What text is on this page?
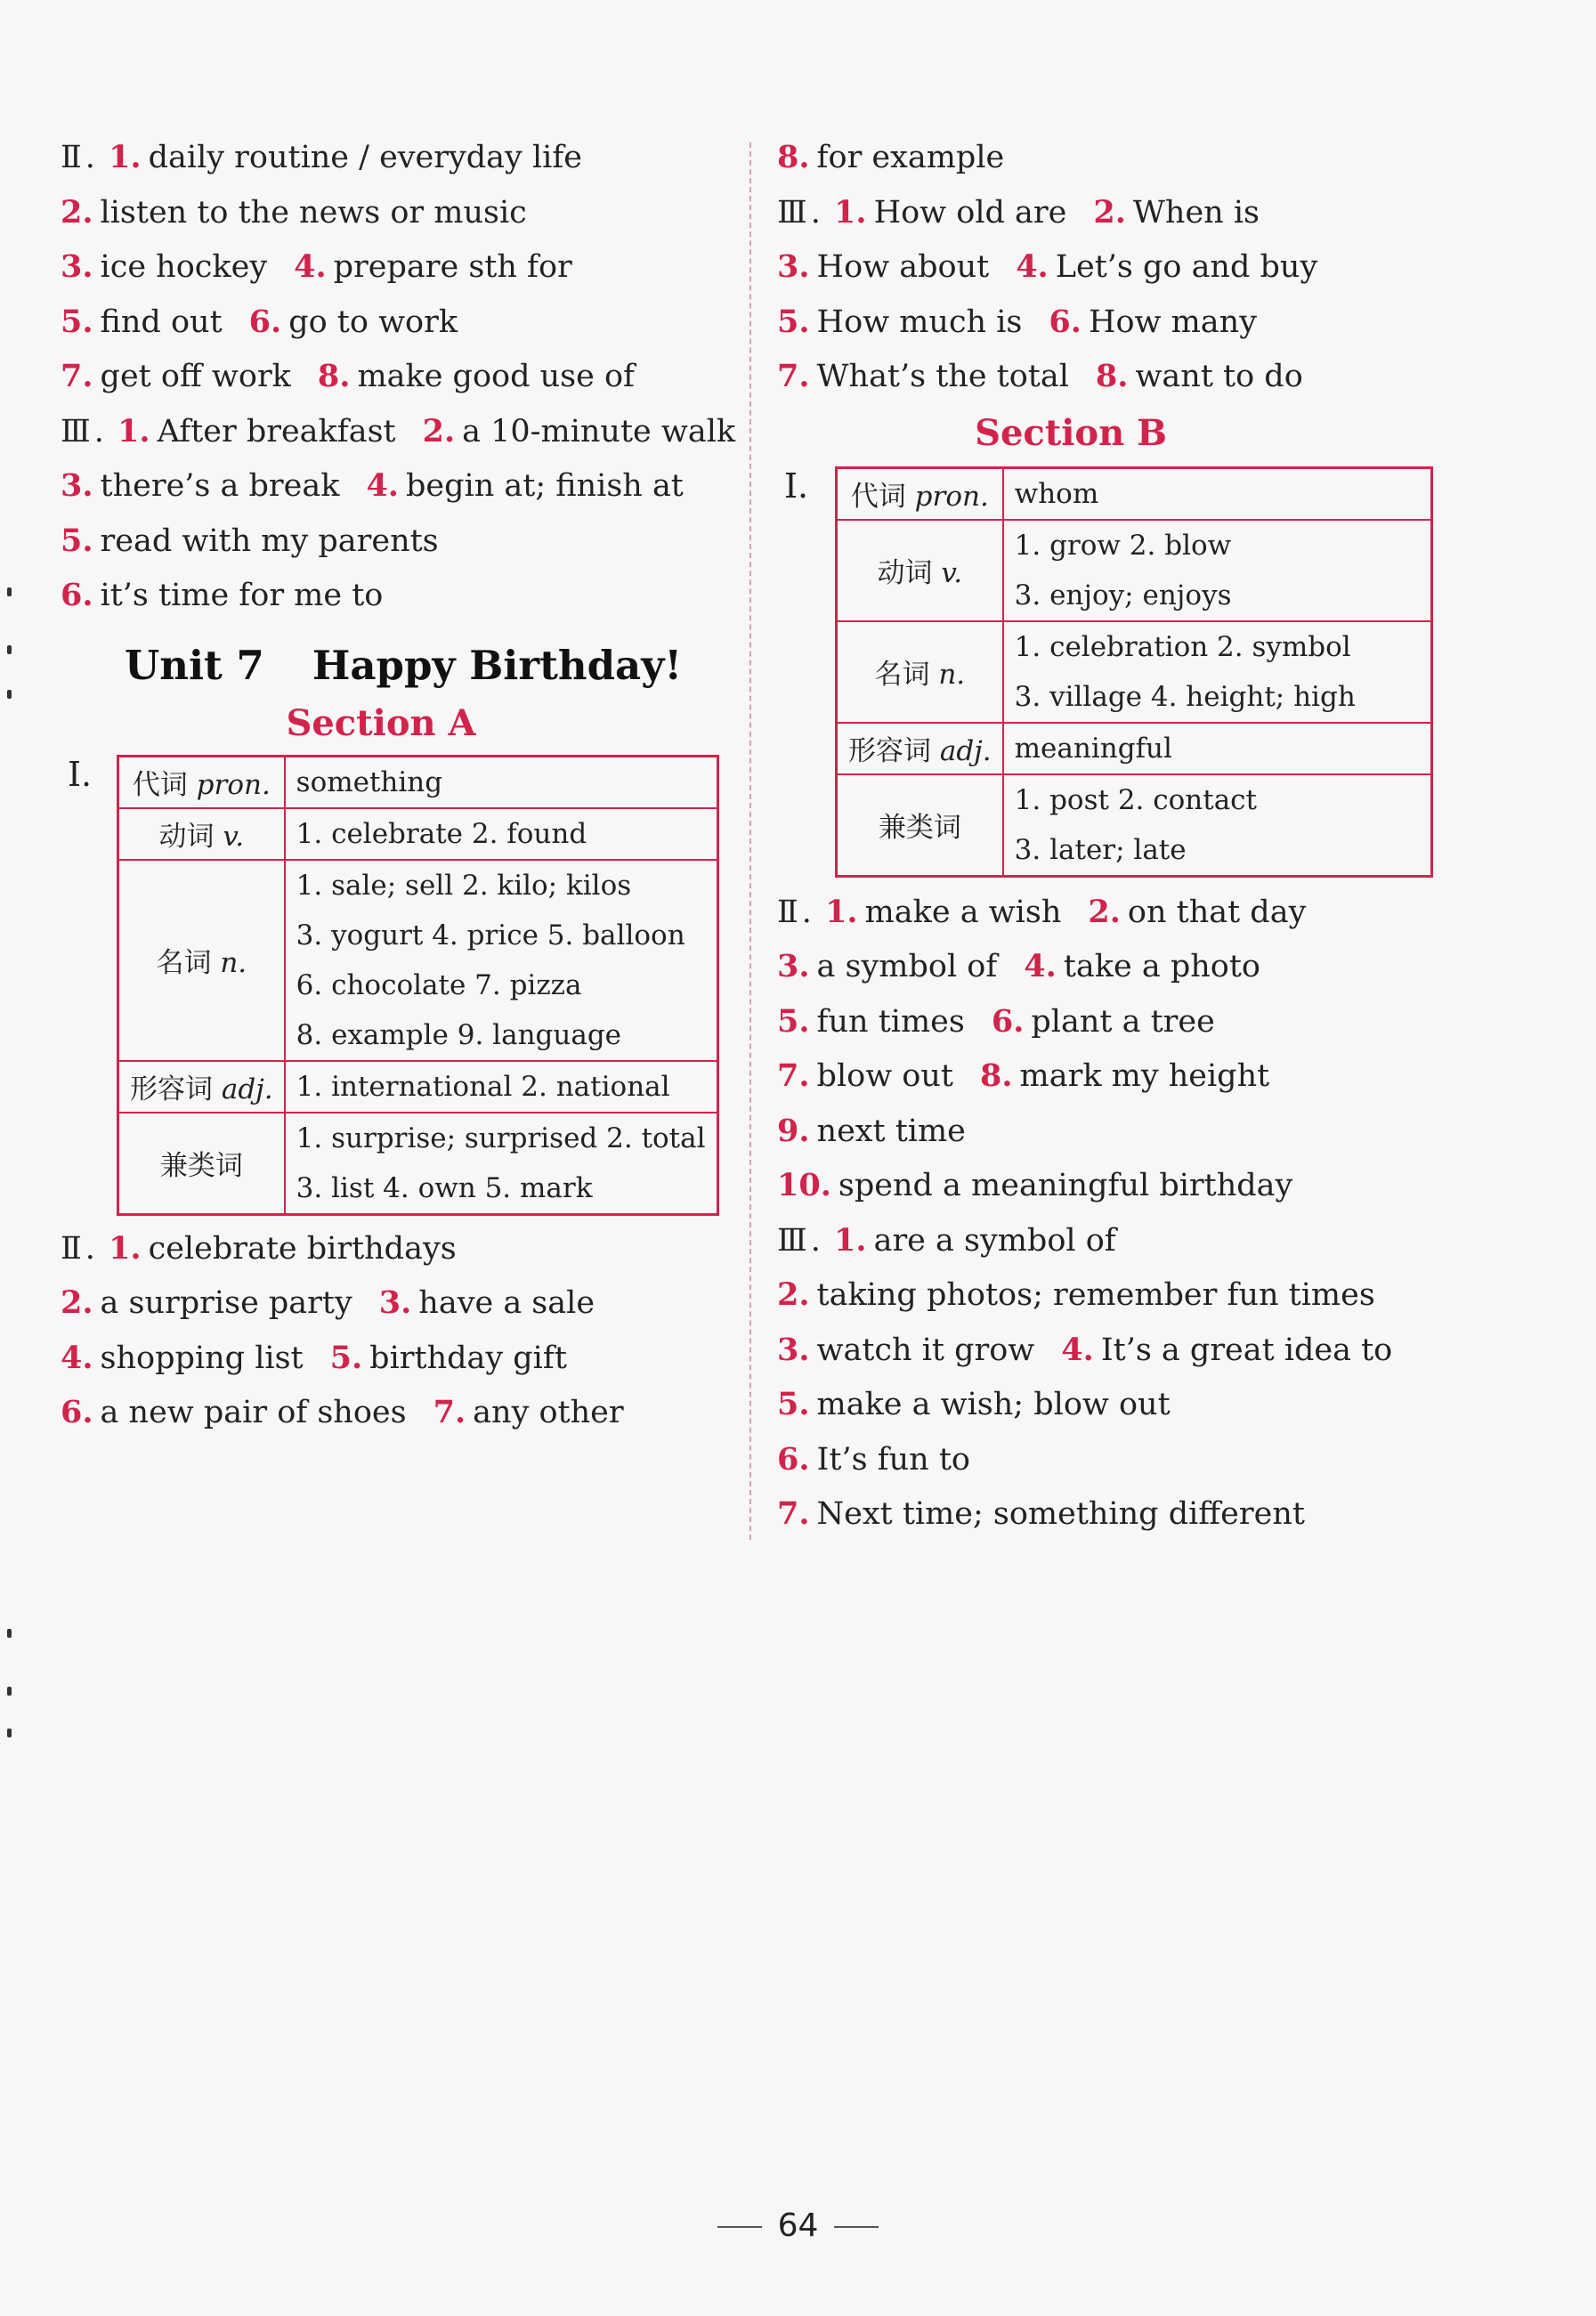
Ⅱ . 1. daily routine / everyday life
2. listen to the news or music
3. ice hockey 4. prepare sth for
5. find out 6. go to work
7. get off work 8. make good use of
Ⅲ . 1. After breakfast 2. a 10-minute walk
3. there’s a break 4. begin at; finish at
5. read with my parents
6. it’s time for me to
Unit 7 Happy Birthday!
Section A
Ⅰ. 代词 pron.	something

动词 v.	1. celebrate 2. found

名词 n.	1. sale; sell 2. kilo; kilos
3. yogurt 4. price 5. balloon
6. chocolate 7. pizza
8. example 9. language

形容词 adj.	1. international 2. national

兼类词	1. surprise; surprised 2. total
3. list 4. own 5. mark
Ⅱ . 1. celebrate birthdays
2. a surprise party 3. have a sale
4. shopping list 5. birthday gift
6. a new pair of shoes 7. any other
8. for example
Ⅲ . 1. How old are 2. When is
3. How about 4. Let’s go and buy
5. How much is 6. How many
7. What’s the total 8. want to do
Section B
Ⅰ. 代词 pron.	whom

动词 v.	1. grow 2. blow
3. enjoy; enjoys

名词 n.	1. celebration 2. symbol
3. village 4. height; high

形容词 adj.	meaningful

兼类词	1. post 2. contact
3. later; late
Ⅱ . 1. make a wish 2. on that day
3. a symbol of 4. take a photo
5. fun times 6. plant a tree
7. blow out 8. mark my height
9. next time
10. spend a meaningful birthday
Ⅲ . 1. are a symbol of
2. taking photos; remember fun times
3. watch it grow 4. It’s a great idea to
5. make a wish; blow out
6. It’s fun to
7. Next time; something different
64
